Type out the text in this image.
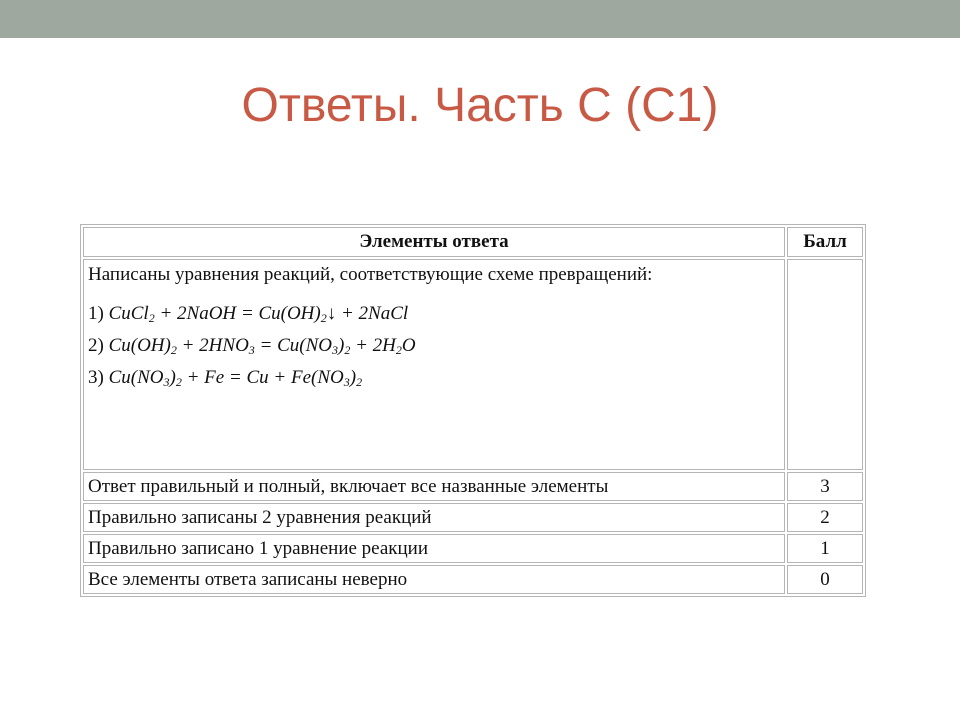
Ответы. Часть С (С1)
Элементы ответа	Балл

Написаны уравнения реакций, соответствующие схеме превращений:
1) CuCl$_2$ + 2NaOH = $Cu(OH)_2↓$ + 2NaCl
2) $Cu(OH)_2 + 2HNO_3 = Cu(NO_3)_2 + 2H_2O$
3) $Cu(NO_3)_2 + Fe = Cu + Fe(NO_3)_2$

Ответ правильный и полный, включает все названные элементы	3
Правильно записаны 2 уравнения реакций	2
Правильно записано 1 уравнение реакции	1
Все элементы ответа записаны неверно	0
